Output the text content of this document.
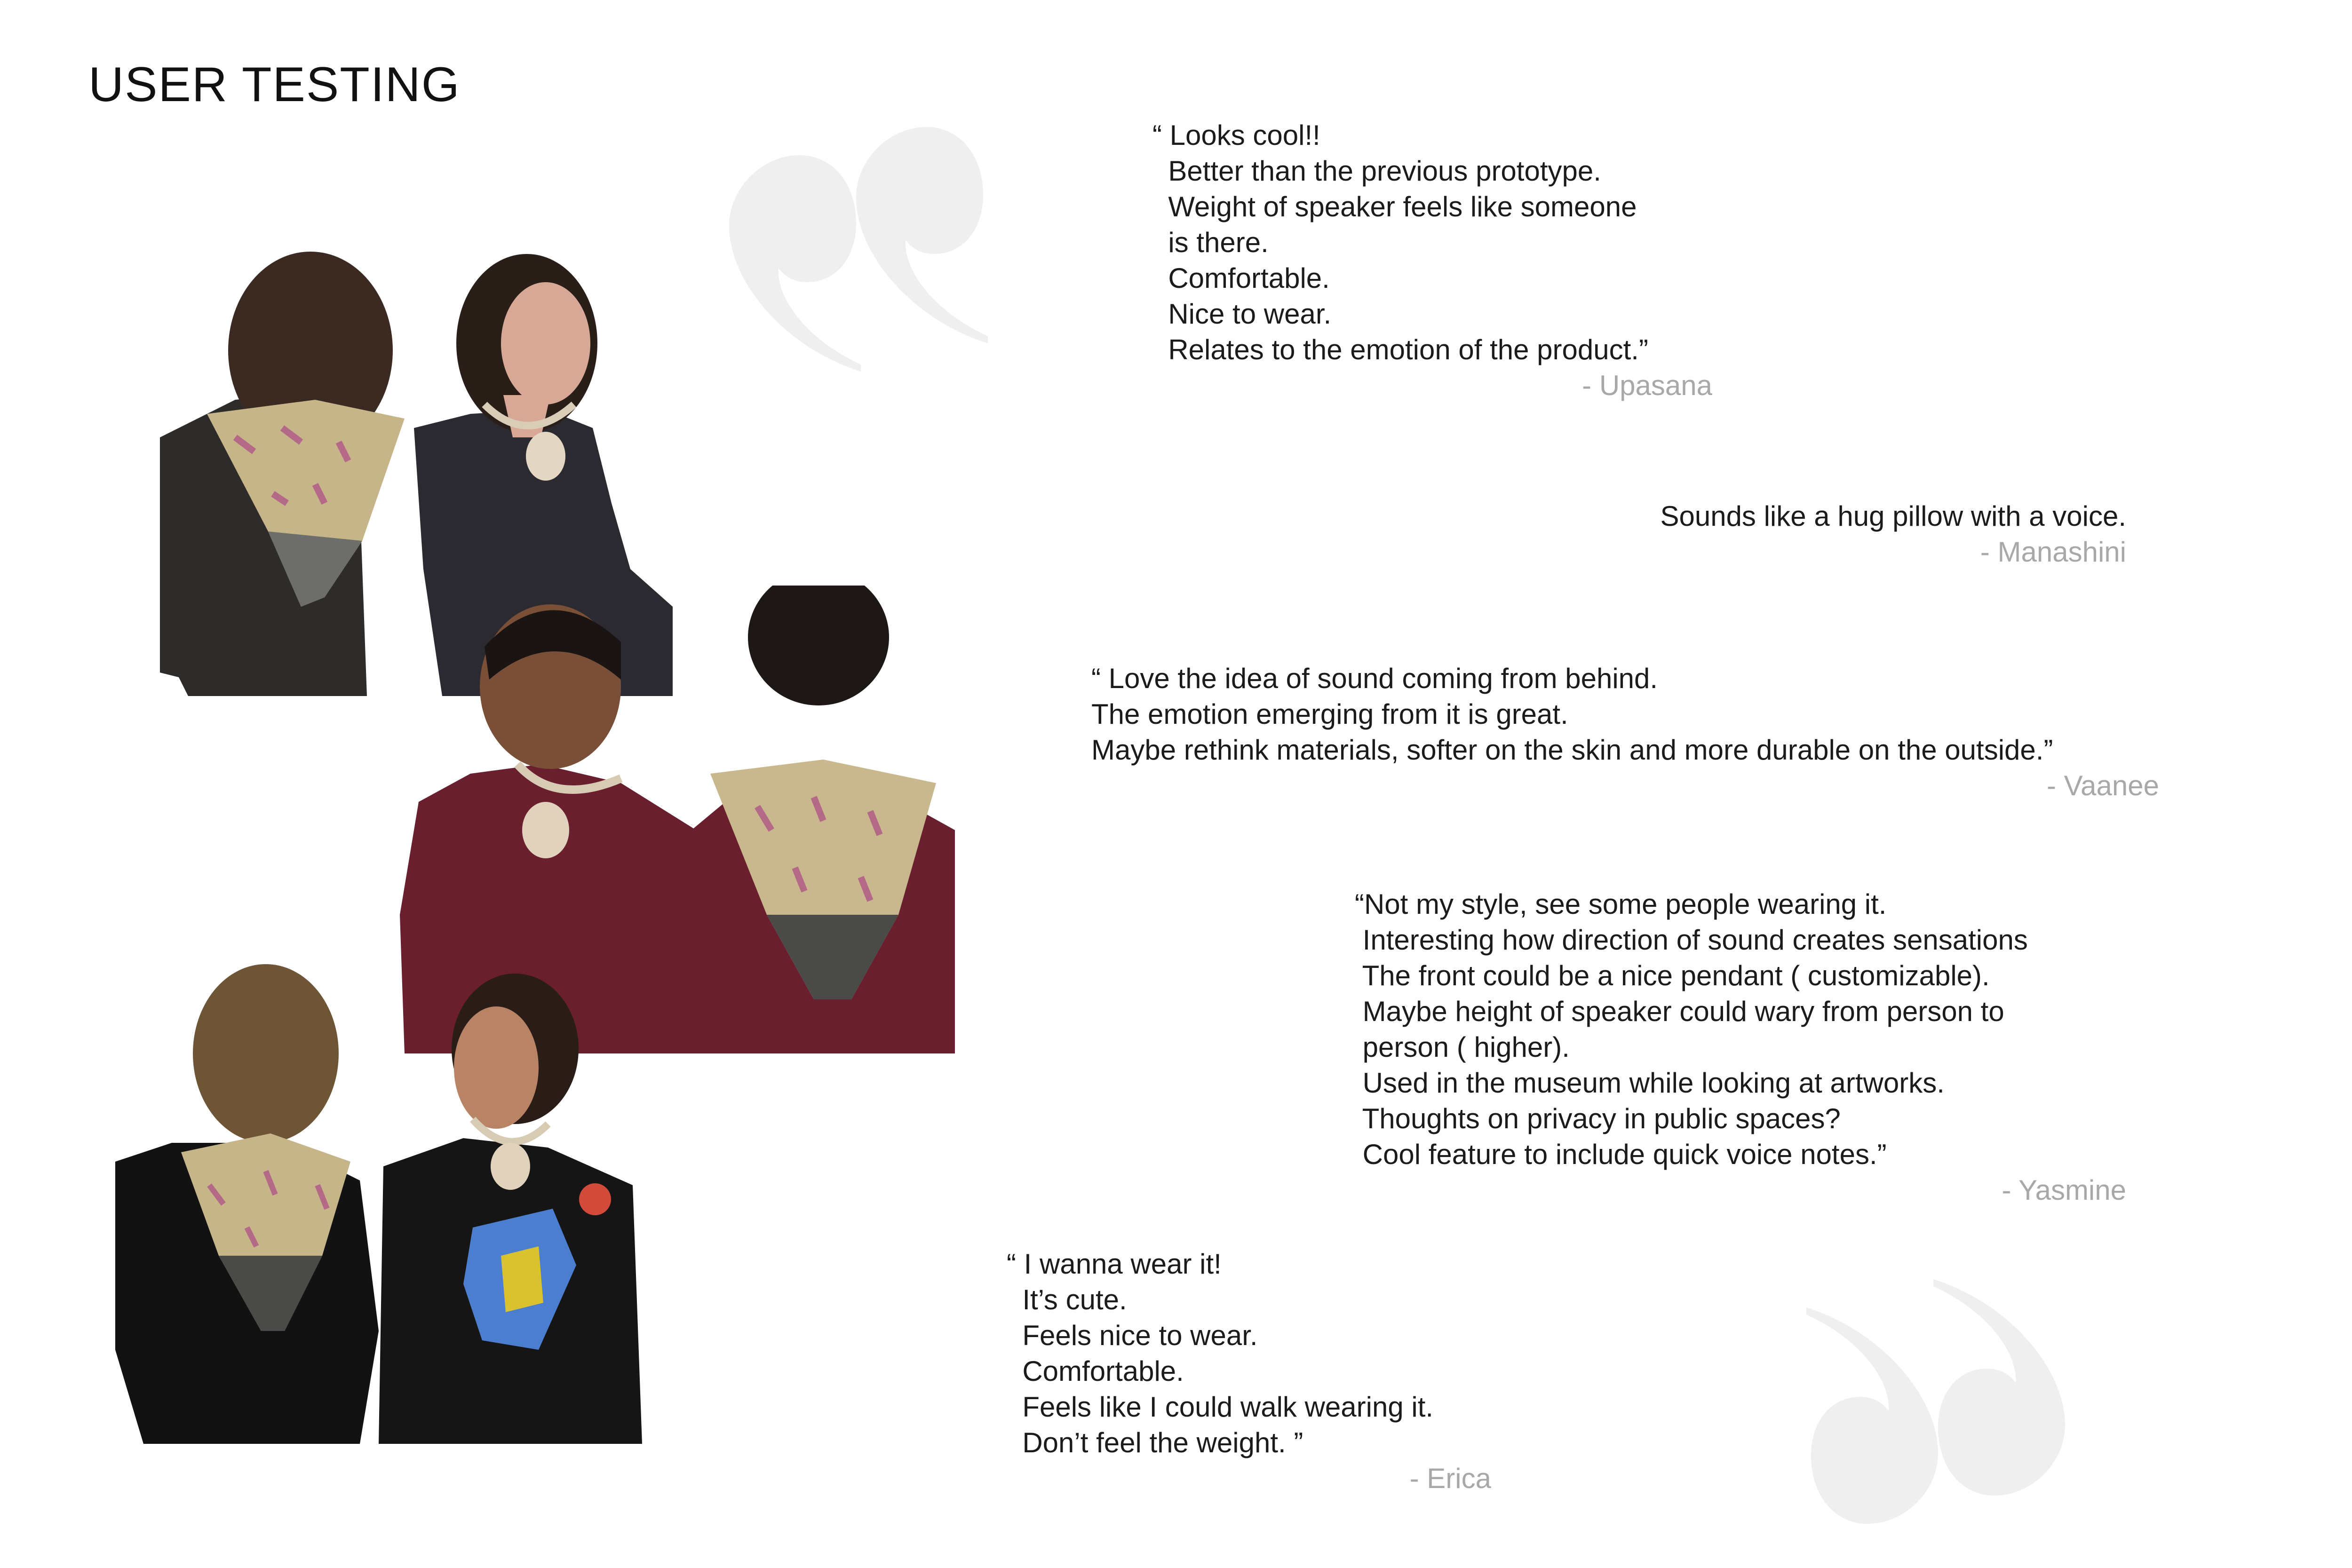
USER TESTING
“ Looks cool!!
Better than the previous prototype.
Weight of speaker feels like someone
is there.
Comfortable.
Nice to wear.
Relates to the emotion of the product.”
- Upasana
Sounds like a hug pillow with a voice.
- Manashini
“ Love the idea of sound coming from behind.
The emotion emerging from it is great.
Maybe rethink materials, softer on the skin and more durable on the outside.”
- Vaanee
“Not my style, see some people wearing it.
Interesting how direction of sound creates sensations
The front could be a nice pendant ( customizable).
Maybe height of speaker could wary from person to
person ( higher).
Used in the museum while looking at artworks.
Thoughts on privacy in public spaces?
Cool feature to include quick voice notes.”
- Yasmine
“ I wanna wear it!
It’s cute.
Feels nice to wear.
Comfortable.
Feels like I could walk wearing it.
Don’t feel the weight. ”
- Erica
